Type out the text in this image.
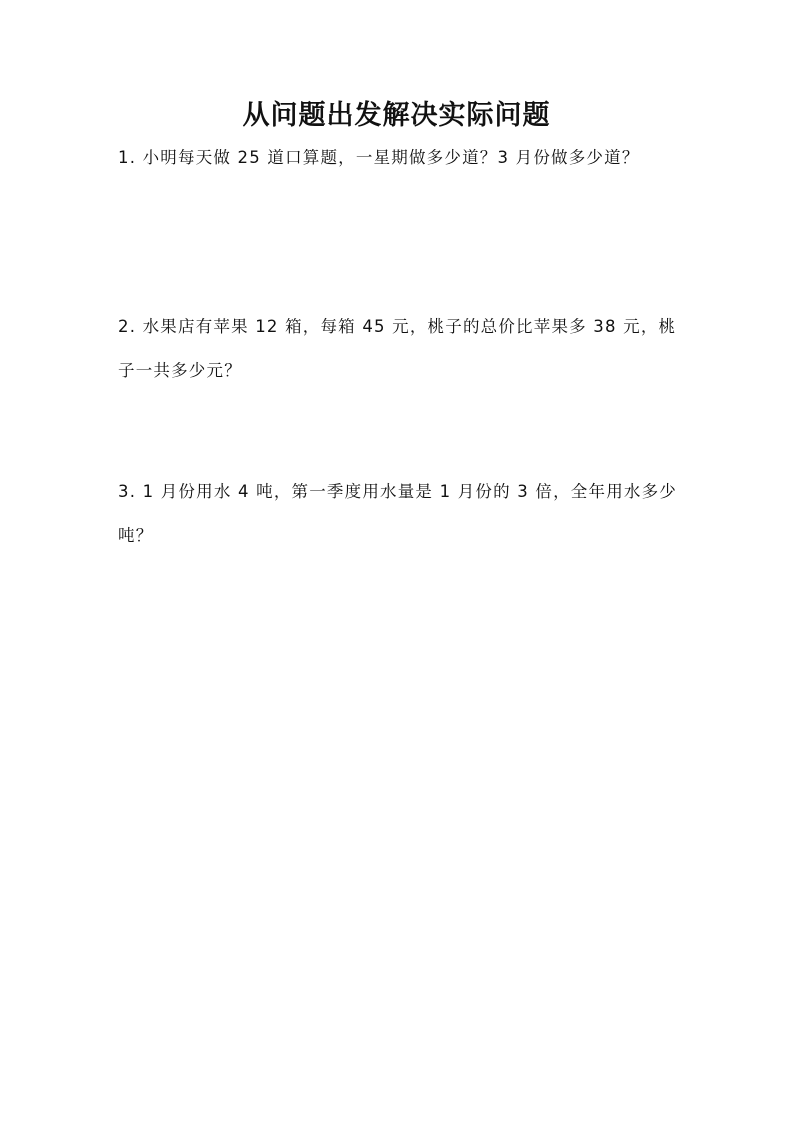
从问题出发解决实际问题
1. 小明每天做 25 道口算题，一星期做多少道？3 月份做多少道？
2. 水果店有苹果 12 箱，每箱 45 元，桃子的总价比苹果多 38 元，桃
子一共多少元？
3. 1 月份用水 4 吨，第一季度用水量是 1 月份的 3 倍，全年用水多少
吨？
